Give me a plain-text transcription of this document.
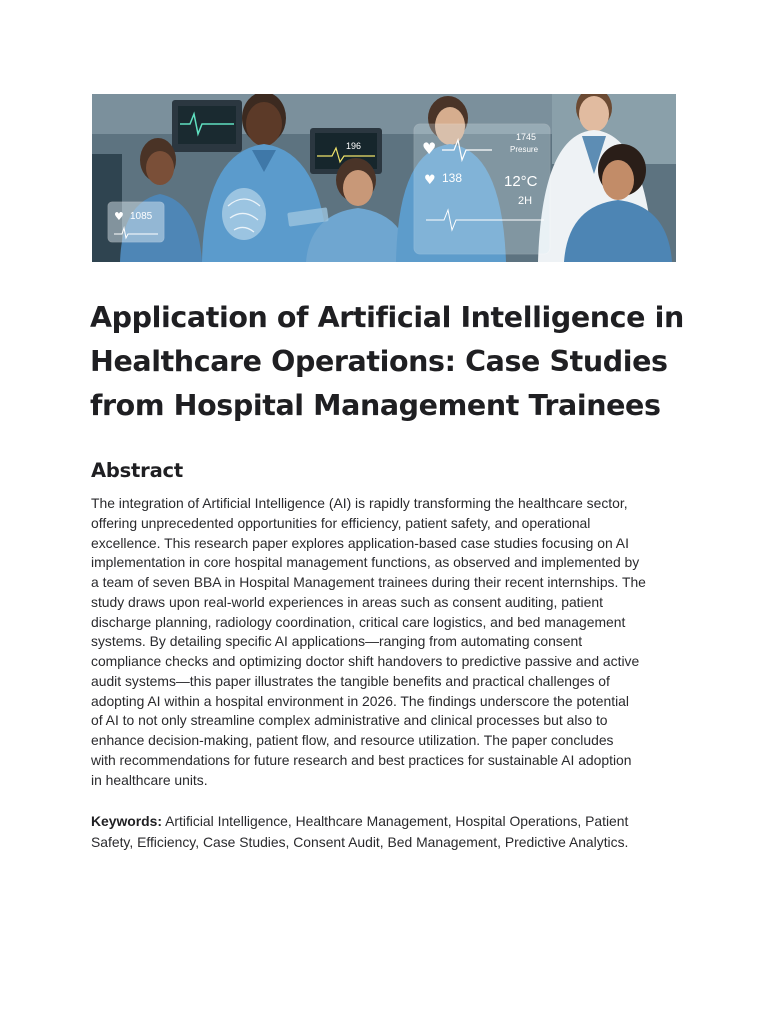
196
♥ 1085
♥
1745
Presure
♥ 138	12°C
2H
Application of Artificial Intelligence in
Healthcare Operations: Case Studies
from Hospital Management Trainees
Abstract

The integration of Artificial Intelligence (AI) is rapidly transforming the healthcare sector,
offering unprecedented opportunities for efficiency, patient safety, and operational
excellence. This research paper explores application-based case studies focusing on AI
implementation in core hospital management functions, as observed and implemented by
a team of seven BBA in Hospital Management trainees during their recent internships. The
study draws upon real-world experiences in areas such as consent auditing, patient
discharge planning, radiology coordination, critical care logistics, and bed management
systems. By detailing specific AI applications—ranging from automating consent
compliance checks and optimizing doctor shift handovers to predictive passive and active
audit systems—this paper illustrates the tangible benefits and practical challenges of
adopting AI within a hospital environment in 2026. The findings underscore the potential
of AI to not only streamline complex administrative and clinical processes but also to
enhance decision-making, patient flow, and resource utilization. The paper concludes
with recommendations for future research and best practices for sustainable AI adoption
in healthcare units.

Keywords: Artificial Intelligence, Healthcare Management, Hospital Operations, Patient
Safety, Efficiency, Case Studies, Consent Audit, Bed Management, Predictive Analytics.
